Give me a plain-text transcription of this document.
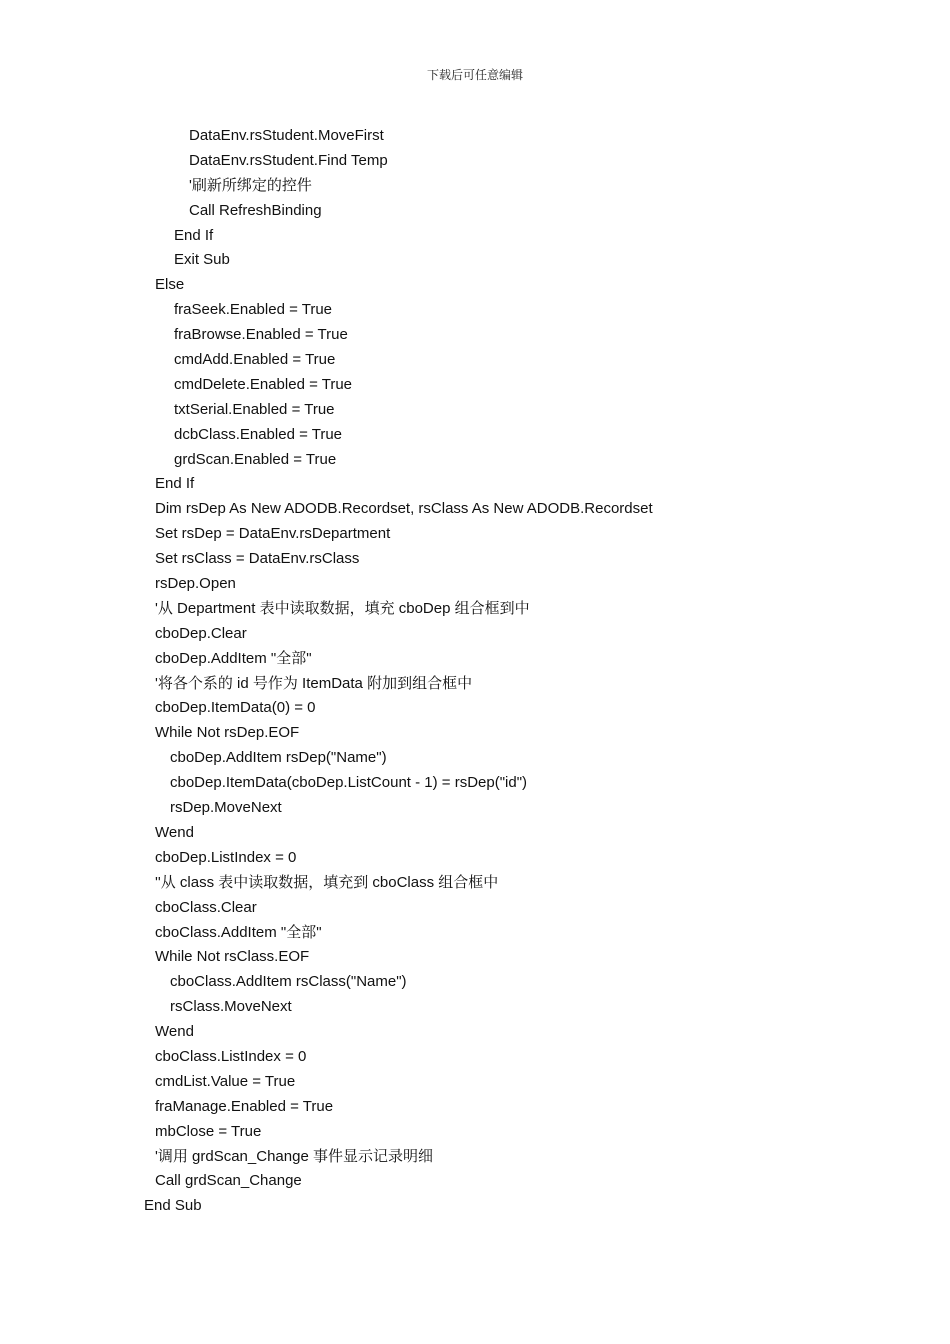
下载后可任意编辑
DataEnv.rsStudent.MoveFirst
DataEnv.rsStudent.Find Temp
'刷新所绑定的控件
Call RefreshBinding
End If
Exit Sub
Else
fraSeek.Enabled = True
fraBrowse.Enabled = True
cmdAdd.Enabled = True
cmdDelete.Enabled = True
txtSerial.Enabled = True
dcbClass.Enabled = True
grdScan.Enabled = True
End If
Dim rsDep As New ADODB.Recordset, rsClass As New ADODB.Recordset
Set rsDep = DataEnv.rsDepartment
Set rsClass = DataEnv.rsClass
rsDep.Open
'从 Department 表中读取数据，填充 cboDep 组合框到中
cboDep.Clear
cboDep.AddItem "全部"
'将各个系的 id 号作为 ItemData 附加到组合框中
cboDep.ItemData(0) = 0
While Not rsDep.EOF
cboDep.AddItem rsDep("Name")
cboDep.ItemData(cboDep.ListCount - 1) = rsDep("id")
rsDep.MoveNext
Wend
cboDep.ListIndex = 0
''从 class 表中读取数据，填充到 cboClass 组合框中
cboClass.Clear
cboClass.AddItem "全部"
While Not rsClass.EOF
cboClass.AddItem rsClass("Name")
rsClass.MoveNext
Wend
cboClass.ListIndex = 0
cmdList.Value = True
fraManage.Enabled = True
mbClose = True
'调用 grdScan_Change 事件显示记录明细
Call grdScan_Change
End Sub
